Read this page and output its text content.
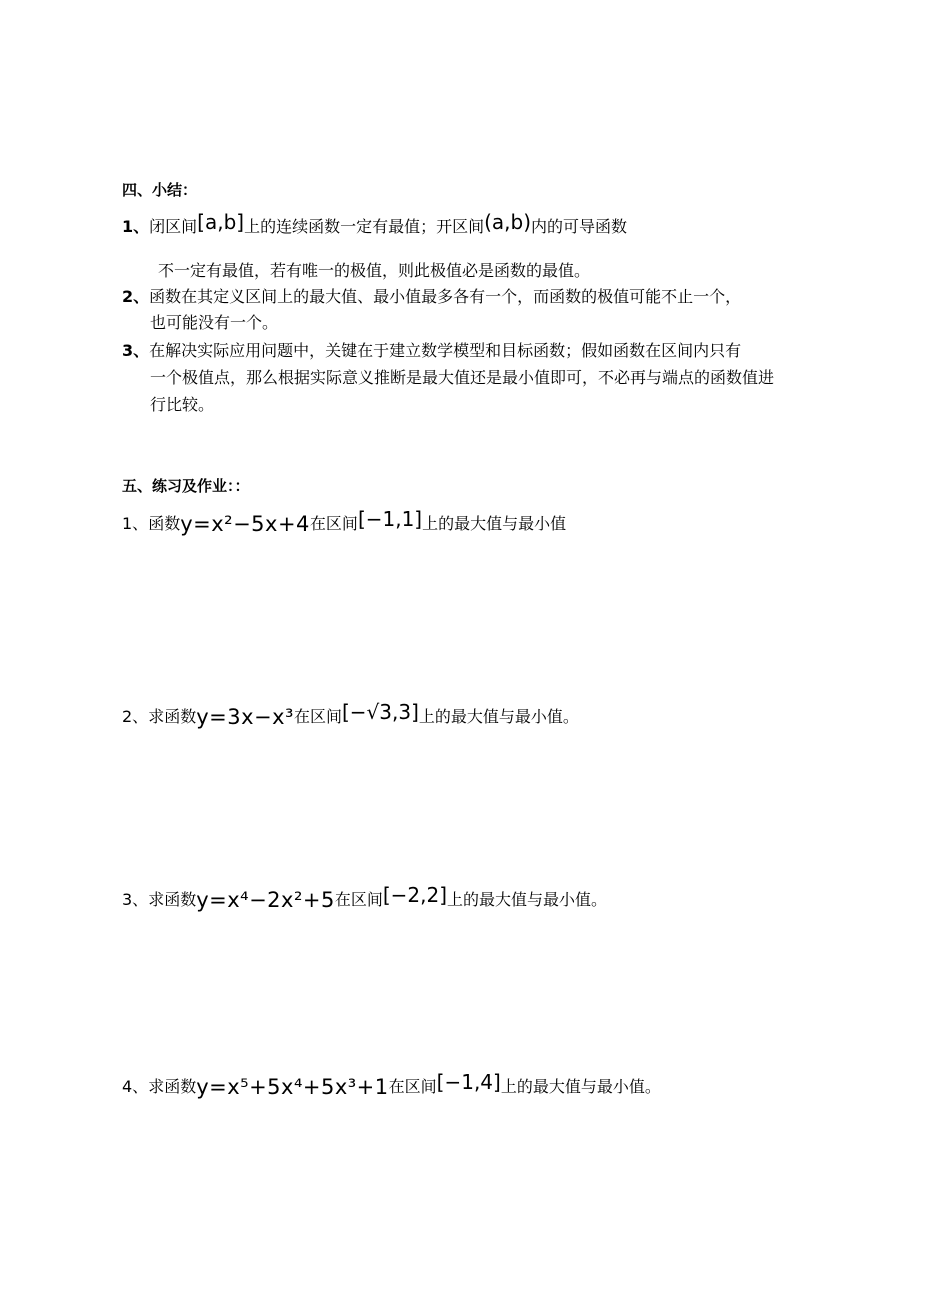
四、小结：
1、闭区间[a,b]上的连续函数一定有最值；开区间(a,b)内的可导函数
不一定有最值，若有唯一的极值，则此极值必是函数的最值。
2、函数在其定义区间上的最大值、最小值最多各有一个，而函数的极值可能不止一个，
也可能没有一个。
3、在解决实际应用问题中，关键在于建立数学模型和目标函数；假如函数在区间内只有
一个极值点，那么根据实际意义推断是最大值还是最小值即可，不必再与端点的函数值进
行比较。
五、练习及作业：：
1、函数y=x²−5x+4在区间[−1,1]上的最大值与最小值
2、求函数y=3x−x³在区间[−√3,3]上的最大值与最小值。
3、求函数y=x⁴−2x²+5在区间[−2,2]上的最大值与最小值。
4、求函数y=x⁵+5x⁴+5x³+1在区间[−1,4]上的最大值与最小值。
